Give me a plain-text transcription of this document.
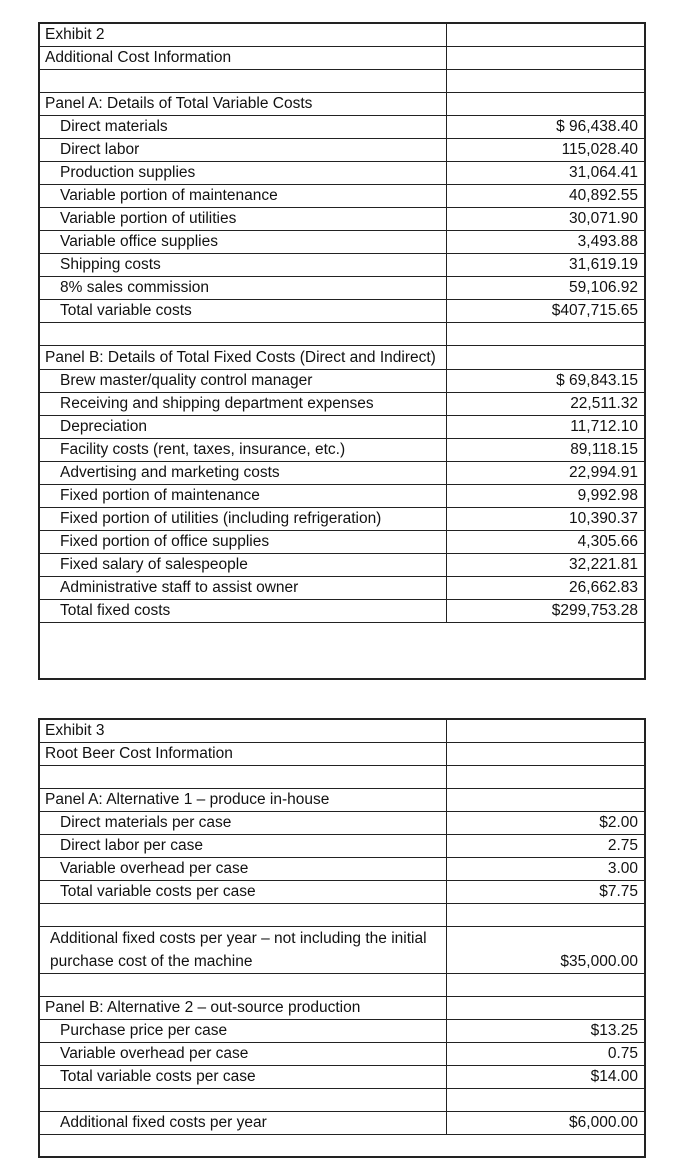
Exhibit 2	
Additional Cost Information	

Panel A: Details of Total Variable Costs	
Direct materials	$ 96,438.40
Direct labor	115,028.40
Production supplies	31,064.41
Variable portion of maintenance	40,892.55
Variable portion of utilities	30,071.90
Variable office supplies	3,493.88
Shipping costs	31,619.19
8% sales commission	59,106.92
Total variable costs	$407,715.65

Panel B: Details of Total Fixed Costs (Direct and Indirect)	
Brew master/quality control manager	$ 69,843.15
Receiving and shipping department expenses	22,511.32
Depreciation	11,712.10
Facility costs (rent, taxes, insurance, etc.)	89,118.15
Advertising and marketing costs	22,994.91
Fixed portion of maintenance	9,992.98
Fixed portion of utilities (including refrigeration)	10,390.37
Fixed portion of office supplies	4,305.66
Fixed salary of salespeople	32,221.81
Administrative staff to assist owner	26,662.83
Total fixed costs	$299,753.28
Exhibit 3	
Root Beer Cost Information	

Panel A: Alternative 1 – produce in-house	
Direct materials per case	$2.00
Direct labor per case	2.75
Variable overhead per case	3.00
Total variable costs per case	$7.75

Additional fixed costs per year – not including the initial purchase cost of the machine	$35,000.00

Panel B: Alternative 2 – out-source production	
Purchase price per case	$13.25
Variable overhead per case	0.75
Total variable costs per case	$14.00

Additional fixed costs per year	$6,000.00
